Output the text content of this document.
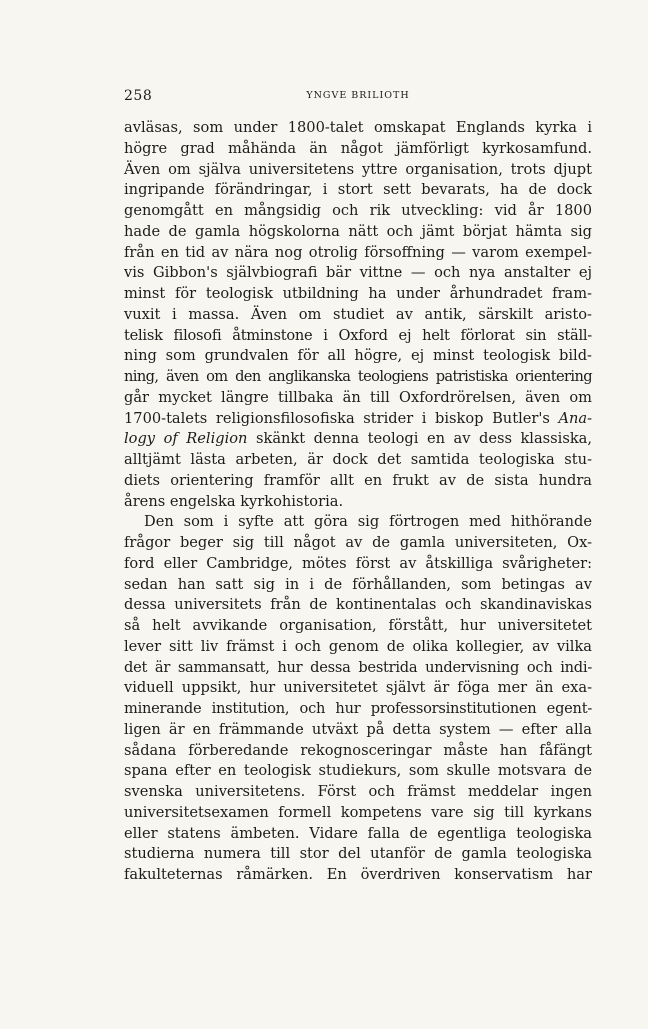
258	YNGVE BRILIOTH
avläsas, som under 1800-talet omskapat Englands kyrka i
högre grad måhända än något jämförligt kyrkosamfund.
Även om själva universitetens yttre organisation, trots djupt
ingripande förändringar, i stort sett bevarats, ha de dock
genomgått en mångsidig och rik utveckling: vid år 1800
hade de gamla högskolorna nätt och jämt börjat hämta sig
från en tid av nära nog otrolig försoffning — varom exempel-
vis Gibbon's självbiografi bär vittne — och nya anstalter ej
minst för teologisk utbildning ha under århundradet fram-
vuxit i massa. Även om studiet av antik, särskilt aristo-
telisk filosofi åtminstone i Oxford ej helt förlorat sin ställ-
ning som grundvalen för all högre, ej minst teologisk bild-
ning, även om den anglikanska teologiens patristiska orientering
går mycket längre tillbaka än till Oxfordrörelsen, även om
1700-talets religionsfilosofiska strider i biskop Butler's Ana-
logy of Religion skänkt denna teologi en av dess klassiska,
alltjämt lästa arbeten, är dock det samtida teologiska stu-
diets orientering framför allt en frukt av de sista hundra
årens engelska kyrkohistoria.
Den som i syfte att göra sig förtrogen med hithörande
frågor beger sig till något av de gamla universiteten, Ox-
ford eller Cambridge, mötes först av åtskilliga svårigheter:
sedan han satt sig in i de förhållanden, som betingas av
dessa universitets från de kontinentalas och skandinaviskas
så helt avvikande organisation, förstått, hur universitetet
lever sitt liv främst i och genom de olika kollegier, av vilka
det är sammansatt, hur dessa bestrida undervisning och indi-
viduell uppsikt, hur universitetet självt är föga mer än exa-
minerande institution, och hur professorsinstitutionen egent-
ligen är en främmande utväxt på detta system — efter alla
sådana förberedande rekognosceringar måste han fåfängt
spana efter en teologisk studiekurs, som skulle motsvara de
svenska universitetens. Först och främst meddelar ingen
universitetsexamen formell kompetens vare sig till kyrkans
eller statens ämbeten. Vidare falla de egentliga teologiska
studierna numera till stor del utanför de gamla teologiska
fakulteternas råmärken. En överdriven konservatism har
